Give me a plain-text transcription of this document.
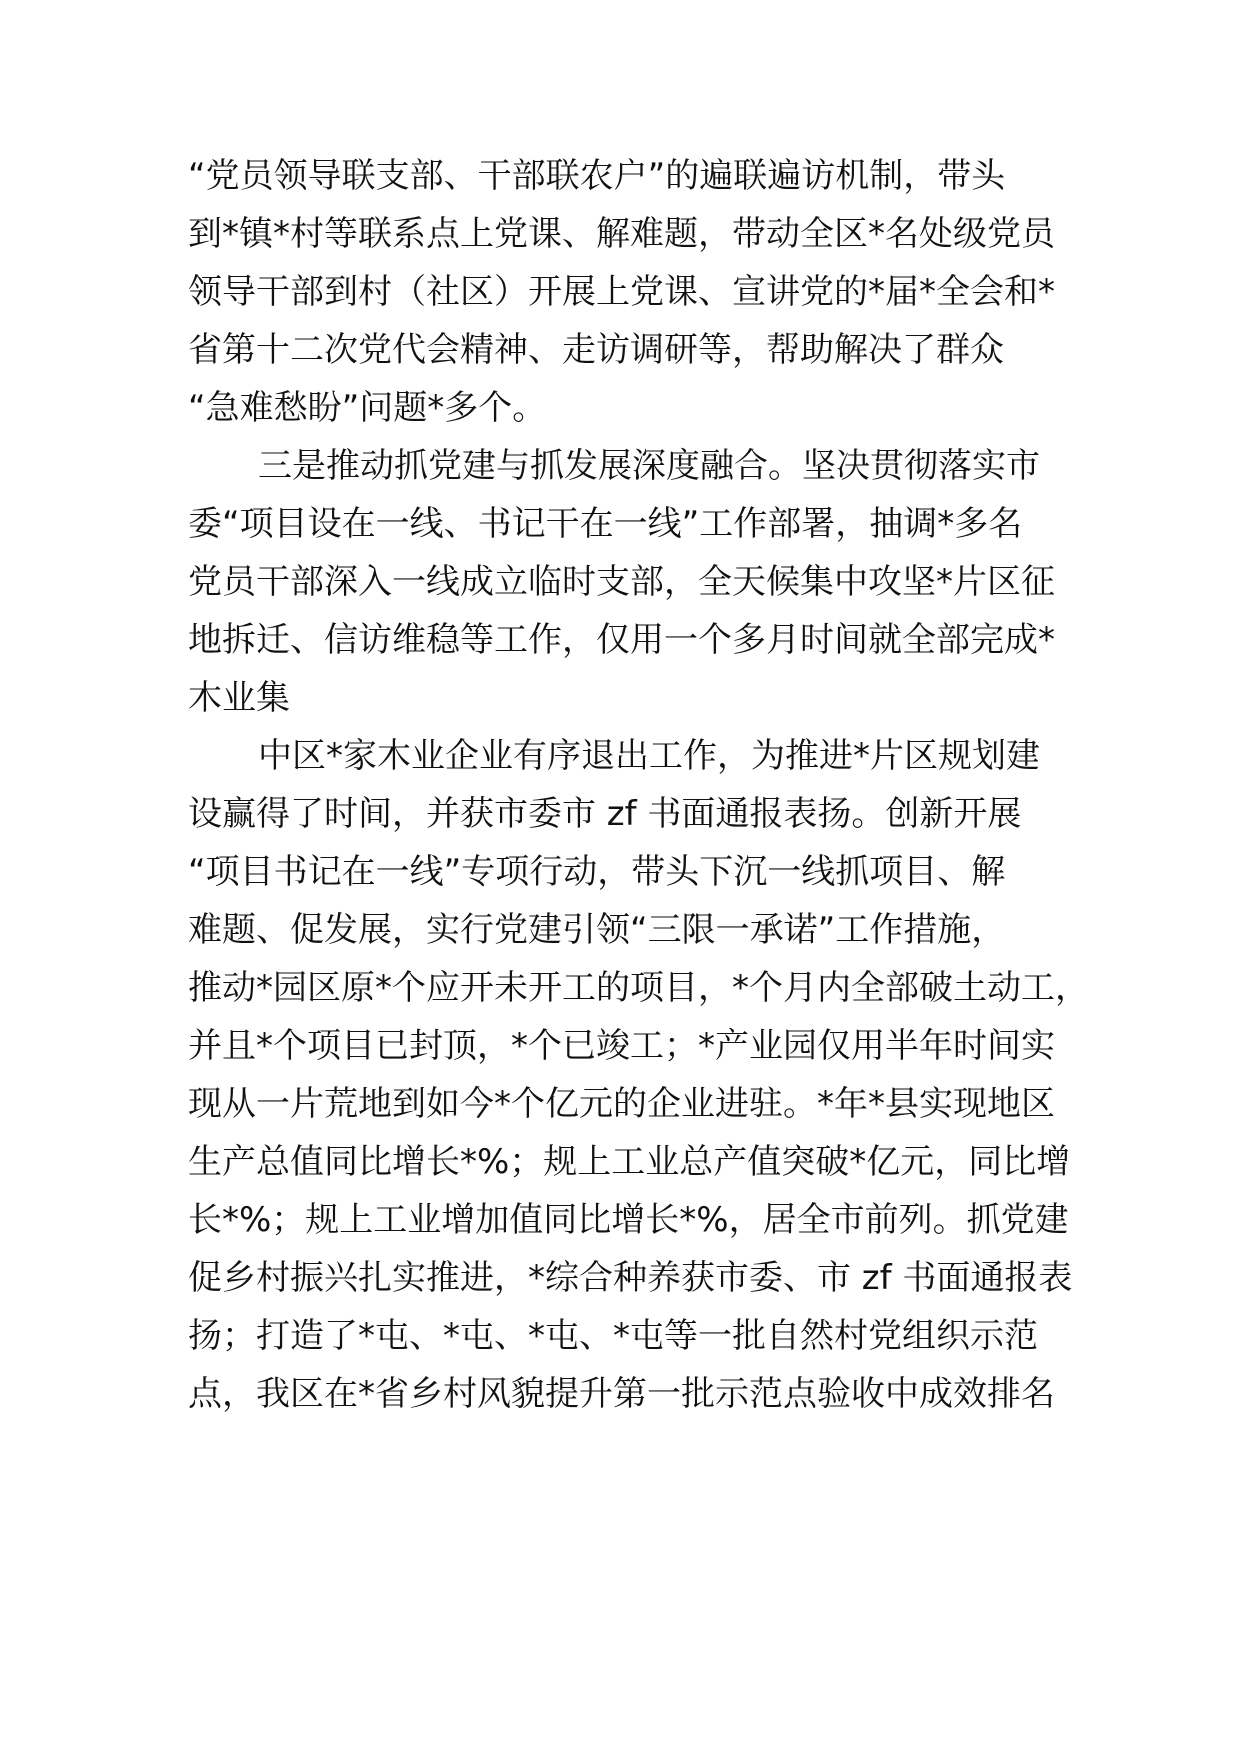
“党员领导联支部、干部联农户”的遍联遍访机制，带头
到*镇*村等联系点上党课、解难题，带动全区*名处级党员
领导干部到村（社区）开展上党课、宣讲党的*届*全会和*
省第十二次党代会精神、走访调研等，帮助解决了群众
“急难愁盼”问题*多个。
三是推动抓党建与抓发展深度融合。坚决贯彻落实市
委“项目设在一线、书记干在一线”工作部署，抽调*多名
党员干部深入一线成立临时支部，全天候集中攻坚*片区征
地拆迁、信访维稳等工作，仅用一个多月时间就全部完成*
木业集
中区*家木业企业有序退出工作，为推进*片区规划建
设赢得了时间，并获市委市 zf 书面通报表扬。创新开展
“项目书记在一线”专项行动，带头下沉一线抓项目、解
难题、促发展，实行党建引领“三限一承诺”工作措施，
推动*园区原*个应开未开工的项目，*个月内全部破土动工，
并且*个项目已封顶，*个已竣工；*产业园仅用半年时间实
现从一片荒地到如今*个亿元的企业进驻。*年*县实现地区
生产总值同比增长*%；规上工业总产值突破*亿元，同比增
长*%；规上工业增加值同比增长*%，居全市前列。抓党建
促乡村振兴扎实推进，*综合种养获市委、市 zf 书面通报表
扬；打造了*屯、*屯、*屯、*屯等一批自然村党组织示范
点，我区在*省乡村风貌提升第一批示范点验收中成效排名
